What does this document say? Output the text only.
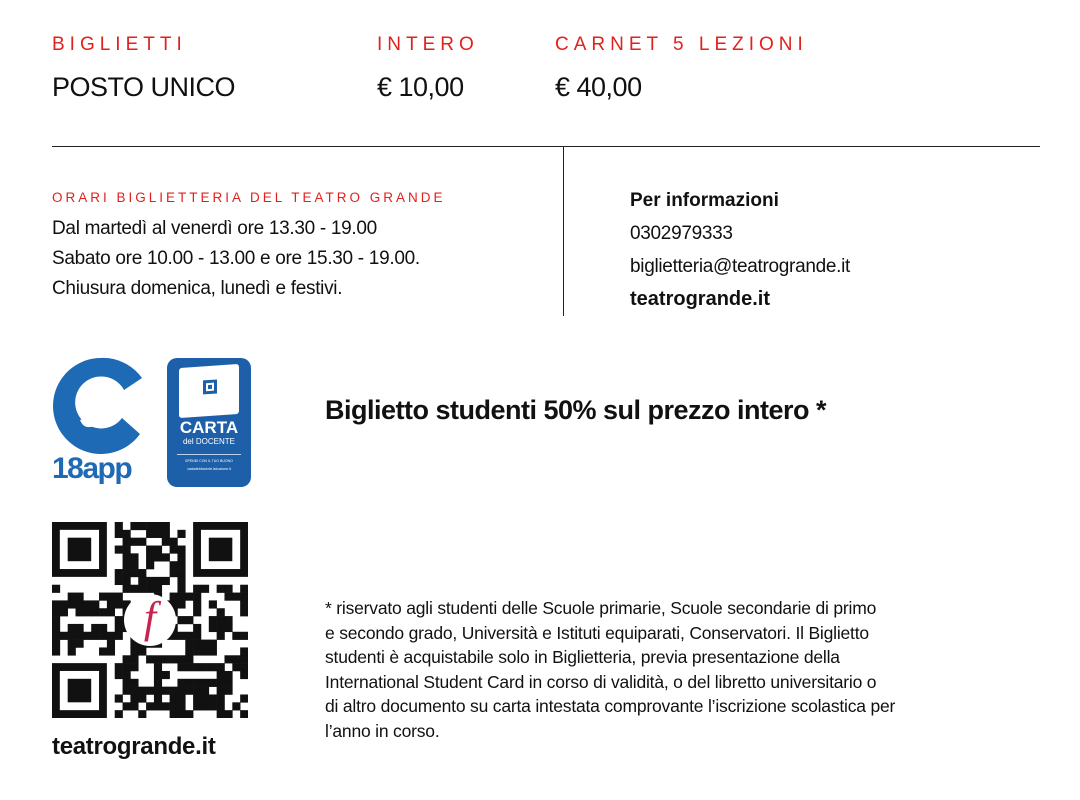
BIGLIETTI	INTERO	CARNET 5 LEZIONI
POSTO UNICO	€ 10,00	€ 40,00
ORARI BIGLIETTERIA DEL TEATRO GRANDE
Dal martedì al venerdì ore 13.30 - 19.00
Sabato ore 10.00 - 13.00 e ore 15.30 - 19.00.
Chiusura domenica, lunedì e festivi.
Per informazioni
0302979333
biglietteria@teatrogrande.it
teatrogrande.it
18app
CARTA
del DOCENTE
SPENDI CON IL TUO BUONO
cartadeldocente.istruzione.it
Biglietto studenti 50% sul prezzo intero *
f
teatrogrande.it
* riservato agli studenti delle Scuole primarie, Scuole secondarie di primo
e secondo grado, Università e Istituti equiparati, Conservatori. Il Biglietto
studenti è acquistabile solo in Biglietteria, previa presentazione della
International Student Card in corso di validità, o del libretto universitario o
di altro documento su carta intestata comprovante l’iscrizione scolastica per
l’anno in corso.
